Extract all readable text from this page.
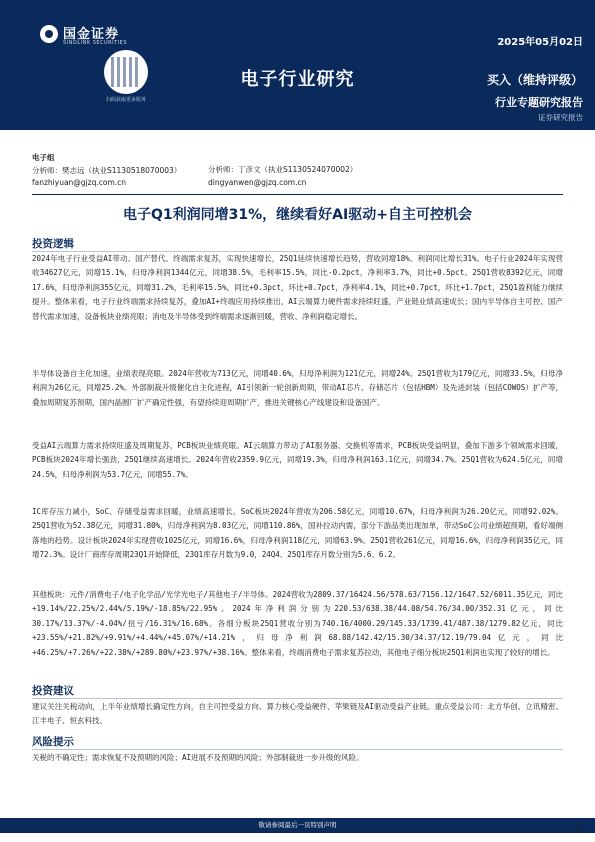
国金证券
SINOLINK SECURITIES	2025年05月02日
扫码获取更多服务
电子行业研究	买入（维持评级）
行业专题研究报告
证券研究报告
电子组
分析师：樊志远（执业S1130518070003）
fanzhiyuan@gjzq.com.cn
分析师：丁彦文（执业S1130524070002）
dingyanwen@gjzq.com.cn
电子Q1利润同增31%，继续看好AI驱动+自主可控机会
投资逻辑
2024年电子行业受益AI带动、国产替代、终端需求复苏，实现快速增长，25Q1延续快速增长趋势，营收同增18%、利润同比增长31%。电子行业2024年实现营收34627亿元，同增15.1%，归母净利润1344亿元，同增38.5%，毛利率15.5%，同比-0.2pct，净利率3.7%，同比+0.5pct。25Q1营收8392亿元，同增17.6%，归母净利润355亿元，同增31.2%，毛利率15.5%，同比+0.3pct，环比+0.7pct，净利率4.1%，同比+0.7pct，环比+1.7pct，25Q1盈利能力继续提升。整体来看，电子行业终端需求持续复苏，叠加AI+终端应用持续推出，AI云端算力硬件需求持续旺盛，产业链业绩高速成长；国内半导体自主可控、国产替代需求加速，设备板块业绩亮眼；消电及半导体受到终端需求逐渐回暖，营收、净利润稳定增长。
半导体设备自主化加速，业绩表现亮眼。2024年营收为713亿元，同增40.6%，归母净利润为121亿元，同增24%。25Q1营收为179亿元，同增33.5%，归母净利润为26亿元，同增25.2%。外部制裁升级催化自主化进程，AI引领新一轮创新周期，带动AI芯片、存储芯片（包括HBM）及先进封装（包括COWOS）扩产等，叠加周期复苏预期，国内晶圆厂扩产确定性强，有望持续迎周期扩产，推进关键核心产线建设和设备国产。
受益AI云端算力需求持续旺盛及周期复苏，PCB板块业绩亮眼。AI云端算力带动了AI服务器、交换机等需求，PCB板块受益明显，叠加下游多个领域需求回暖，PCB板块2024年增长强劲，25Q1继续高速增长。2024年营收2359.9亿元，同增19.3%，归母净利润163.1亿元，同增34.7%。25Q1营收为624.5亿元，同增24.5%，归母净利润为53.7亿元，同增55.7%。
IC库存压力减小，SoC、存储受益需求回暖，业绩高速增长。SoC板块2024年营收为206.58亿元，同增10.67%，归母净利润为26.20亿元，同增92.02%。25Q1营收为52.38亿元，同增31.80%，归母净利润为8.03亿元，同增110.86%，国补拉动内需，部分下游品类出现加单，带动SoC公司业绩超预期，看好端侧落地的趋势。设计板块2024年实现营收1025亿元，同增16.6%，归母净利润118亿元，同增63.9%。25Q1营收261亿元，同增16.6%，归母净利润35亿元，同增72.3%。设计厂商库存周期23Q1开始降低，23Q1库存月数为9.0，24Q4、25Q1库存月数分别为5.6、6.2。
其他板块：元件/消费电子/电子化学品/光学光电子/其他电子/半导体。2024营收为2809.37/16424.56/578.63/7156.12/1647.52/6011.35亿元，同比+19.14%/22.25%/2.44%/5.19%/-18.85%/22.95%。2024年净利润分别为220.53/638.38/44.08/54.76/34.00/352.31亿元，同比30.17%/13.37%/-4.04%/扭亏/16.31%/16.68%。各细分板块25Q1营收分别为740.16/4000.29/145.33/1739.41/487.38/1279.82亿元，同比+23.55%/+21.82%/+9.91%/+4.44%/+45.07%/+14.21%，归母净利润68.88/142.42/15.30/34.37/12.19/79.04亿元，同比+46.25%/+7.26%/+22.38%/+289.80%/+23.97%/+38.16%。整体来看，终端消费电子需求复苏拉动，其他电子细分板块25Q1利润也实现了较好的增长。
投资建议
建议关注关税动向，上半年业绩增长确定性方向，自主可控受益方向、算力核心受益硬件、苹果链及AI驱动受益产业链。重点受益公司：北方华创、立讯精密、江丰电子、恒玄科技、
风险提示
关税的不确定性；需求恢复不及预期的风险；AI进展不及预期的风险；外部制裁进一步升级的风险。
敬请参阅最后一页特别声明	1
